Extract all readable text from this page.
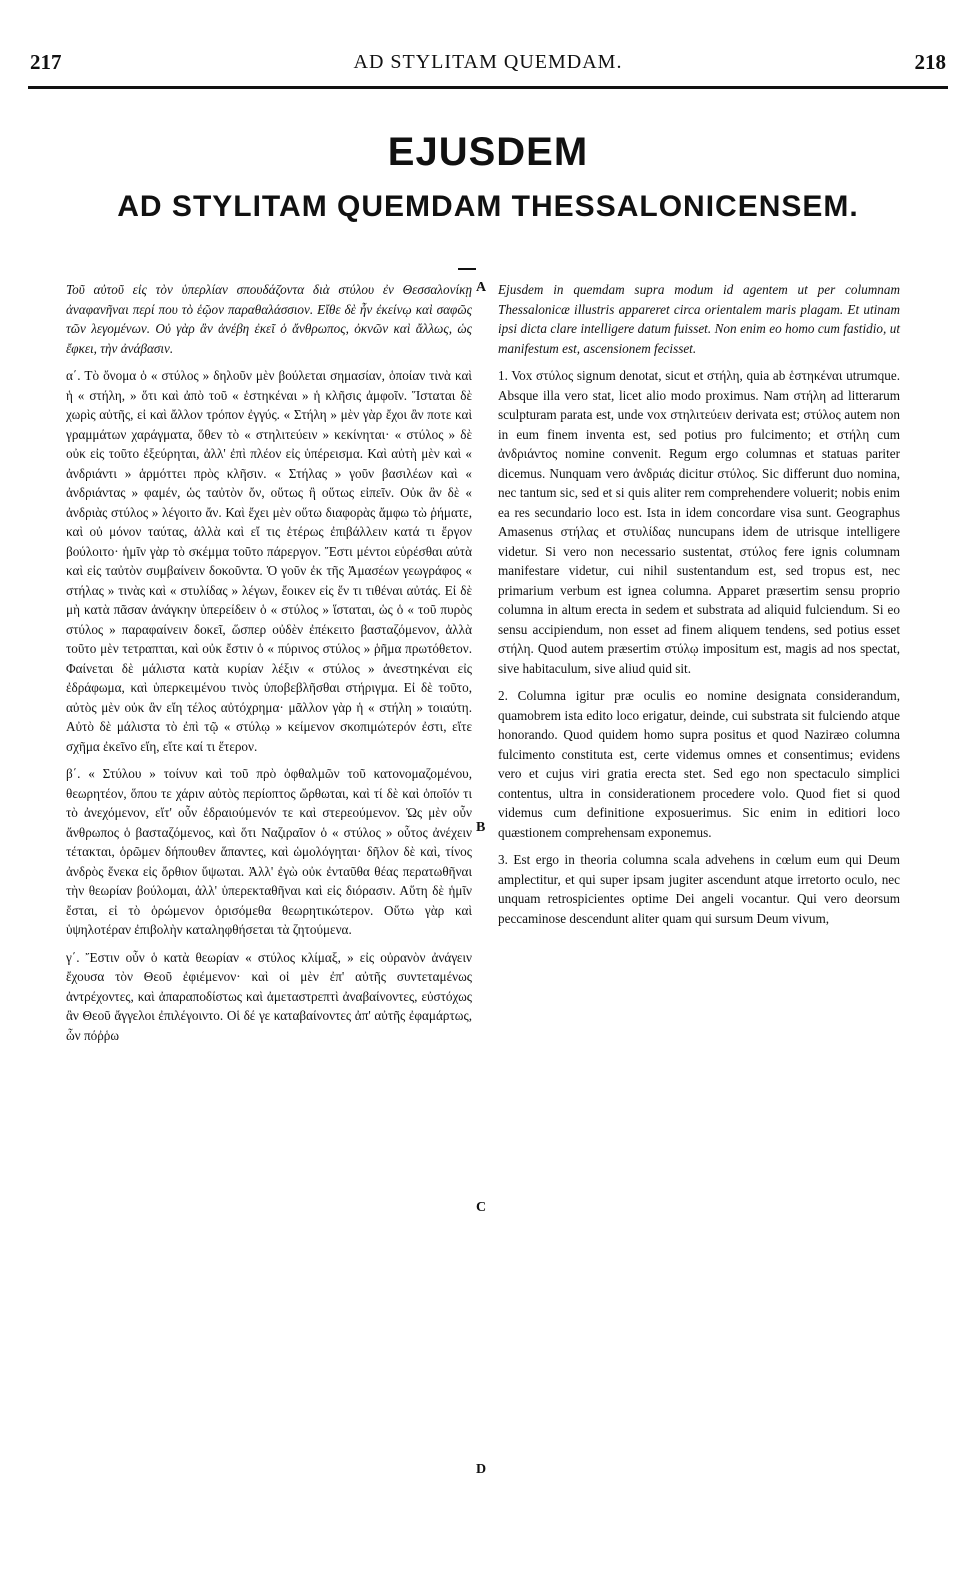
217	AD STYLITAM QUEMDAM.	218
EJUSDEM
AD STYLITAM QUEMDAM THESSALONICENSEM.

Τοῦ αὐτοῦ εἰς τὸν ὑπερλίαν σπουδάζοντα διὰ στύλου ἐν Θεσσαλονίκῃ ἀναφανῆναι περί που τὸ ἑῷον παραθαλάσσιον. Εἴθε δὲ ἦν ἐκείνῳ καὶ σαφῶς τῶν λεγομένων. Οὐ γὰρ ἂν ἀνέβη ἐκεῖ ὁ ἄνθρωπος, ὀκνῶν καὶ ἄλλως, ὡς ἔφκει, τὴν ἀνάβασιν.

α΄. Τὸ ὄνομα ὁ « στύλος » δηλοῦν μὲν βούλεται σημασίαν, ὁποίαν τινὰ καὶ ἡ « στήλη, » ὅτι καὶ ἀπὸ τοῦ « ἑστηκέναι » ἡ κλῆσις ἀμφοῖν. Ἵσταται δὲ χωρὶς αὐτῆς, εἰ καὶ ἄλλον τρόπον ἐγγύς. « Στήλη » μὲν γὰρ ἔχοι ἂν ποτε καὶ γραμμάτων χαράγματα, ὅθεν τὸ « στηλιτεύειν » κεκίνηται· « στύλος » δὲ οὐκ εἰς τοῦτο ἐξεύρηται, ἀλλ' ἐπὶ πλέον εἰς ὑπέρεισμα. Καὶ αὐτὴ μὲν καὶ « ἀνδριάντι » ἁρμόττει πρὸς κλῆσιν. « Στήλας » γοῦν βασιλέων καὶ « ἀνδριάντας » φαμέν, ὡς ταὐτὸν ὄν, οὕτως ἢ οὕτως εἰπεῖν. Οὐκ ἂν δὲ « ἀνδριὰς στύλος » λέγοιτο ἄν. Καὶ ἔχει μὲν οὕτω διαφορὰς ἄμφω τὼ ῥήματε, καὶ οὐ μόνον ταύτας, ἀλλὰ καὶ εἴ τις ἑτέρως ἐπιβάλλειν κατά τι ἔργον βούλοιτο· ἡμῖν γὰρ τὸ σκέμμα τοῦτο πάρεργον. Ἔστι μέντοι εὑρέσθαι αὐτὰ καὶ εἰς ταὐτὸν συμβαίνειν δοκοῦντα. Ὁ γοῦν ἐκ τῆς Ἀμασέων γεωγράφος « στήλας » τινὰς καὶ « στυλίδας » λέγων, ἔοικεν εἰς ἕν τι τιθέναι αὐτάς. Εἰ δὲ μὴ κατὰ πᾶσαν ἀνάγκην ὑπερείδειν ὁ « στύλος » ἵσταται, ὡς ὁ « τοῦ πυρὸς στύλος » παραφαίνειν δοκεῖ, ὥσπερ οὐδὲν ἐπέκειτο βασταζόμενον, ἀλλὰ τοῦτο μὲν τετραπται, καὶ οὐκ ἔστιν ὁ « πύρινος στύλος » ῥῆμα πρωτόθετον. Φαίνεται δὲ μάλιστα κατὰ κυρίαν λέξιν « στύλος » ἀνεστηκέναι εἰς ἐδράφωμα, καὶ ὑπερκειμένου τινὸς ὑποβεβλῆσθαι στήριγμα. Εἰ δὲ τοῦτο, αὐτὸς μὲν οὐκ ἂν εἴη τέλος αὐτόχρημα· μᾶλλον γὰρ ἡ « στήλη » τοιαύτη. Αὐτὸ δὲ μάλιστα τὸ ἐπὶ τῷ « στύλῳ » κείμενον σκοπιμώτερόν ἐστι, εἴτε σχῆμα ἐκεῖνο εἴη, εἴτε καί τι ἕτερον.

β΄. « Στύλου » τοίνυν καὶ τοῦ πρὸ ὀφθαλμῶν τοῦ κατονομαζομένου, θεωρητέον, ὅπου τε χάριν αὐτὸς περίοπτος ὤρθωται, καὶ τί δὲ καὶ ὁποῖόν τι τὸ ἀνεχόμενον, εἴτ' οὖν ἐδραιούμενόν τε καὶ στερεούμενον. Ὡς μὲν οὖν ἄνθρωπος ὁ βασταζόμενος, καὶ ὅτι Ναζιραῖον ὁ « στύλος » οὗτος ἀνέχειν τέτακται, ὁρῶμεν δήπουθεν ἅπαντες, καὶ ὡμολόγηται· δῆλον δὲ καὶ, τίνος ἀνδρὸς ἕνεκα εἰς ὄρθιον ὕψωται. Ἀλλ' ἐγὼ οὐκ ἐνταῦθα θέας περατωθῆναι τὴν θεωρίαν βούλομαι, ἀλλ' ὑπερεκταθῆναι καὶ εἰς διόρασιν. Αὕτη δὲ ἡμῖν ἔσται, εἰ τὸ ὁρώμενον ὁρισόμεθα θεωρητικώτερον. Οὕτω γὰρ καὶ ὑψηλοτέραν ἐπιβολὴν καταληφθήσεται τὰ ζητούμενα.

γ΄. Ἔστιν οὖν ὁ κατὰ θεωρίαν « στύλος κλίμαξ, » εἰς οὐρανὸν ἀνάγειν ἔχουσα τὸν Θεοῦ ἐφιέμενον· καὶ οἱ μὲν ἐπ' αὐτῆς συντεταμένως ἀντρέχοντες, καὶ ἀπαραποδίστως καὶ ἀμεταστρεπτὶ ἀναβαίνοντες, εὐστόχως ἂν Θεοῦ ἄγγελοι ἐπιλέγοιντο. Οἱ δέ γε καταβαίνοντες ἀπ' αὐτῆς ἐφαμάρτως, ὧν πόῤῥω

Ejusdem in quemdam supra modum id agentem ut per columnam Thessalonicæ illustris appareret circa orientalem maris plagam. Et utinam ipsi dicta clare intelligere datum fuisset. Non enim eo homo cum fastidio, ut manifestum est, ascensionem fecisset.

1. Vox στύλος signum denotat, sicut et στήλη, quia ab ἑστηκέναι utrumque. Absque illa vero stat, licet alio modo proximus. Nam στήλη ad litterarum sculpturam parata est, unde vox στηλιτεύειν derivata est; στύλος autem non in eum finem inventa est, sed potius pro fulcimento; et στήλη cum ἀνδριάντος nomine convenit. Regum ergo columnas et statuas pariter dicemus. Nunquam vero ἀνδριάς dicitur στύλος. Sic differunt duo nomina, nec tantum sic, sed et si quis aliter rem comprehendere voluerit; nobis enim ea res secundario loco est. Ista in idem concordare visa sunt. Geographus Amasenus στήλας et στυλίδας nuncupans idem de utrisque intelligere videtur. Si vero non necessario sustentat, στύλος fere ignis columnam manifestare videtur, cui nihil sustentandum est, sed tropus est, nec primarium verbum est ignea columna. Apparet præsertim sensu proprio columna in altum erecta in sedem et substrata ad aliquid fulciendum. Si eo sensu accipiendum, non esset ad finem aliquem tendens, sed potius esset στήλη. Quod autem præsertim στύλῳ impositum est, magis ad nos spectat, sive habitaculum, sive aliud quid sit.

2. Columna igitur præ oculis eo nomine designata considerandum, quamobrem ista edito loco erigatur, deinde, cui substrata sit fulciendo atque honorando. Quod quidem homo supra positus et quod Naziræo columna fulcimento constituta est, certe videmus omnes et consentimus; evidens vero et cujus viri gratia erecta stet. Sed ego non spectaculo simplici contentus, ultra in considerationem procedere volo. Quod fiet si quod videmus cum definitione exposuerimus. Sic enim in editiori loco quæstionem comprehensam exponemus.

3. Est ergo in theoria columna scala advehens in cœlum eum qui Deum amplectitur, et qui super ipsam jugiter ascendunt atque irretorto oculo, nec unquam retrospicientes optime Dei angeli vocantur. Qui vero deorsum peccaminose descendunt aliter quam qui sursum Deum vivum,

A
B
C
D
